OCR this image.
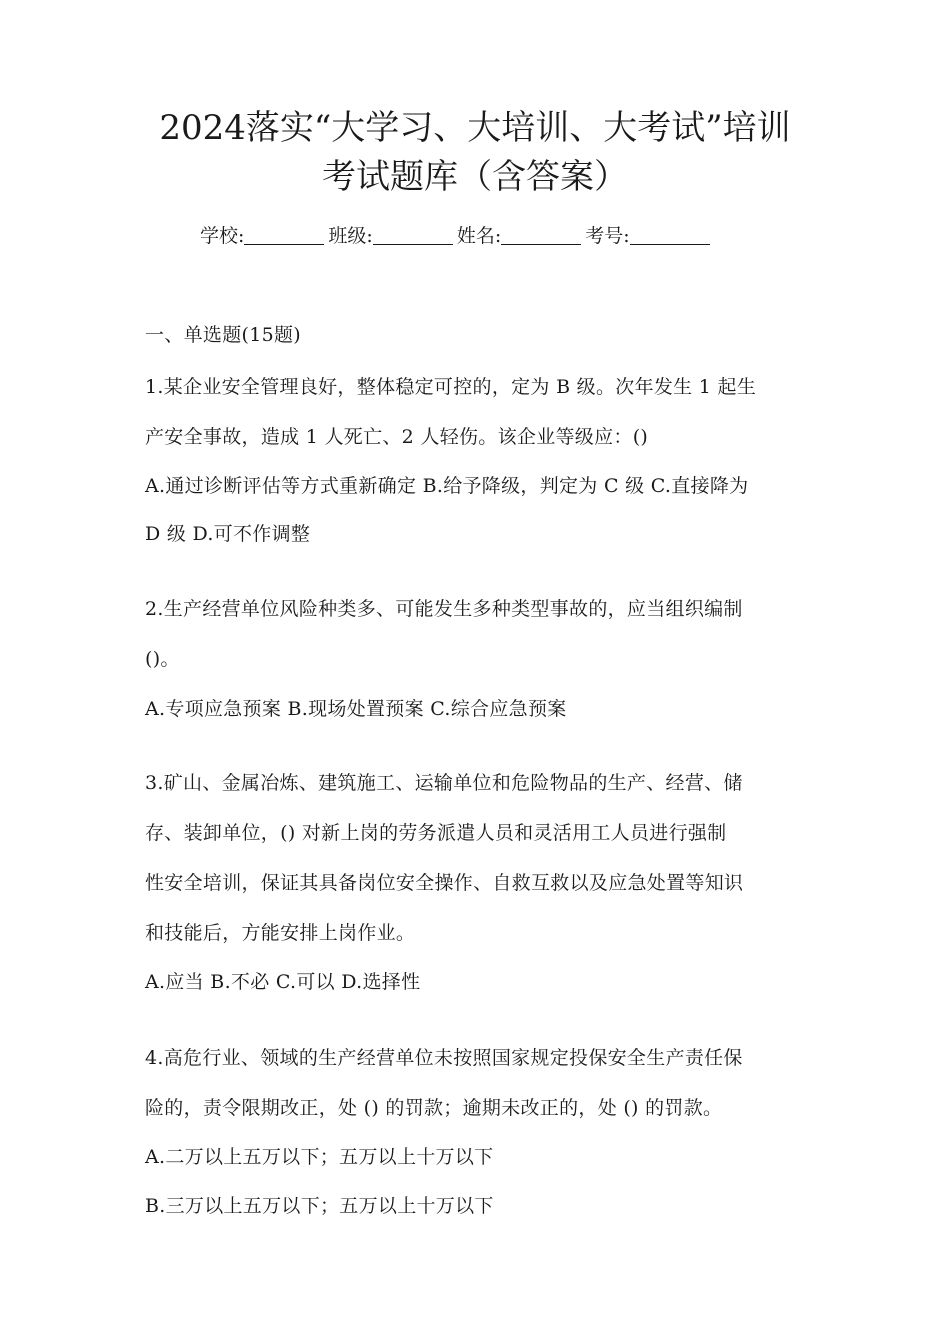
2024落实“大学习、大培训、大考试”培训
考试题库（含答案）
学校:	班级:	姓名:	考号:
一、单选题(15题)
1.某企业安全管理良好，整体稳定可控的，定为 B 级。次年发生 1 起生
产安全事故，造成 1 人死亡、2 人轻伤。该企业等级应：()
A.通过诊断评估等方式重新确定 B.给予降级，判定为 C 级 C.直接降为
D 级 D.可不作调整
2.生产经营单位风险种类多、可能发生多种类型事故的，应当组织编制
()。
A.专项应急预案 B.现场处置预案 C.综合应急预案
3.矿山、金属冶炼、建筑施工、运输单位和危险物品的生产、经营、储
存、装卸单位，() 对新上岗的劳务派遣人员和灵活用工人员进行强制
性安全培训，保证其具备岗位安全操作、自救互救以及应急处置等知识
和技能后，方能安排上岗作业。
A.应当 B.不必 C.可以 D.选择性
4.高危行业、领域的生产经营单位未按照国家规定投保安全生产责任保
险的，责令限期改正，处 () 的罚款；逾期未改正的，处 () 的罚款。
A.二万以上五万以下；五万以上十万以下
B.三万以上五万以下；五万以上十万以下
